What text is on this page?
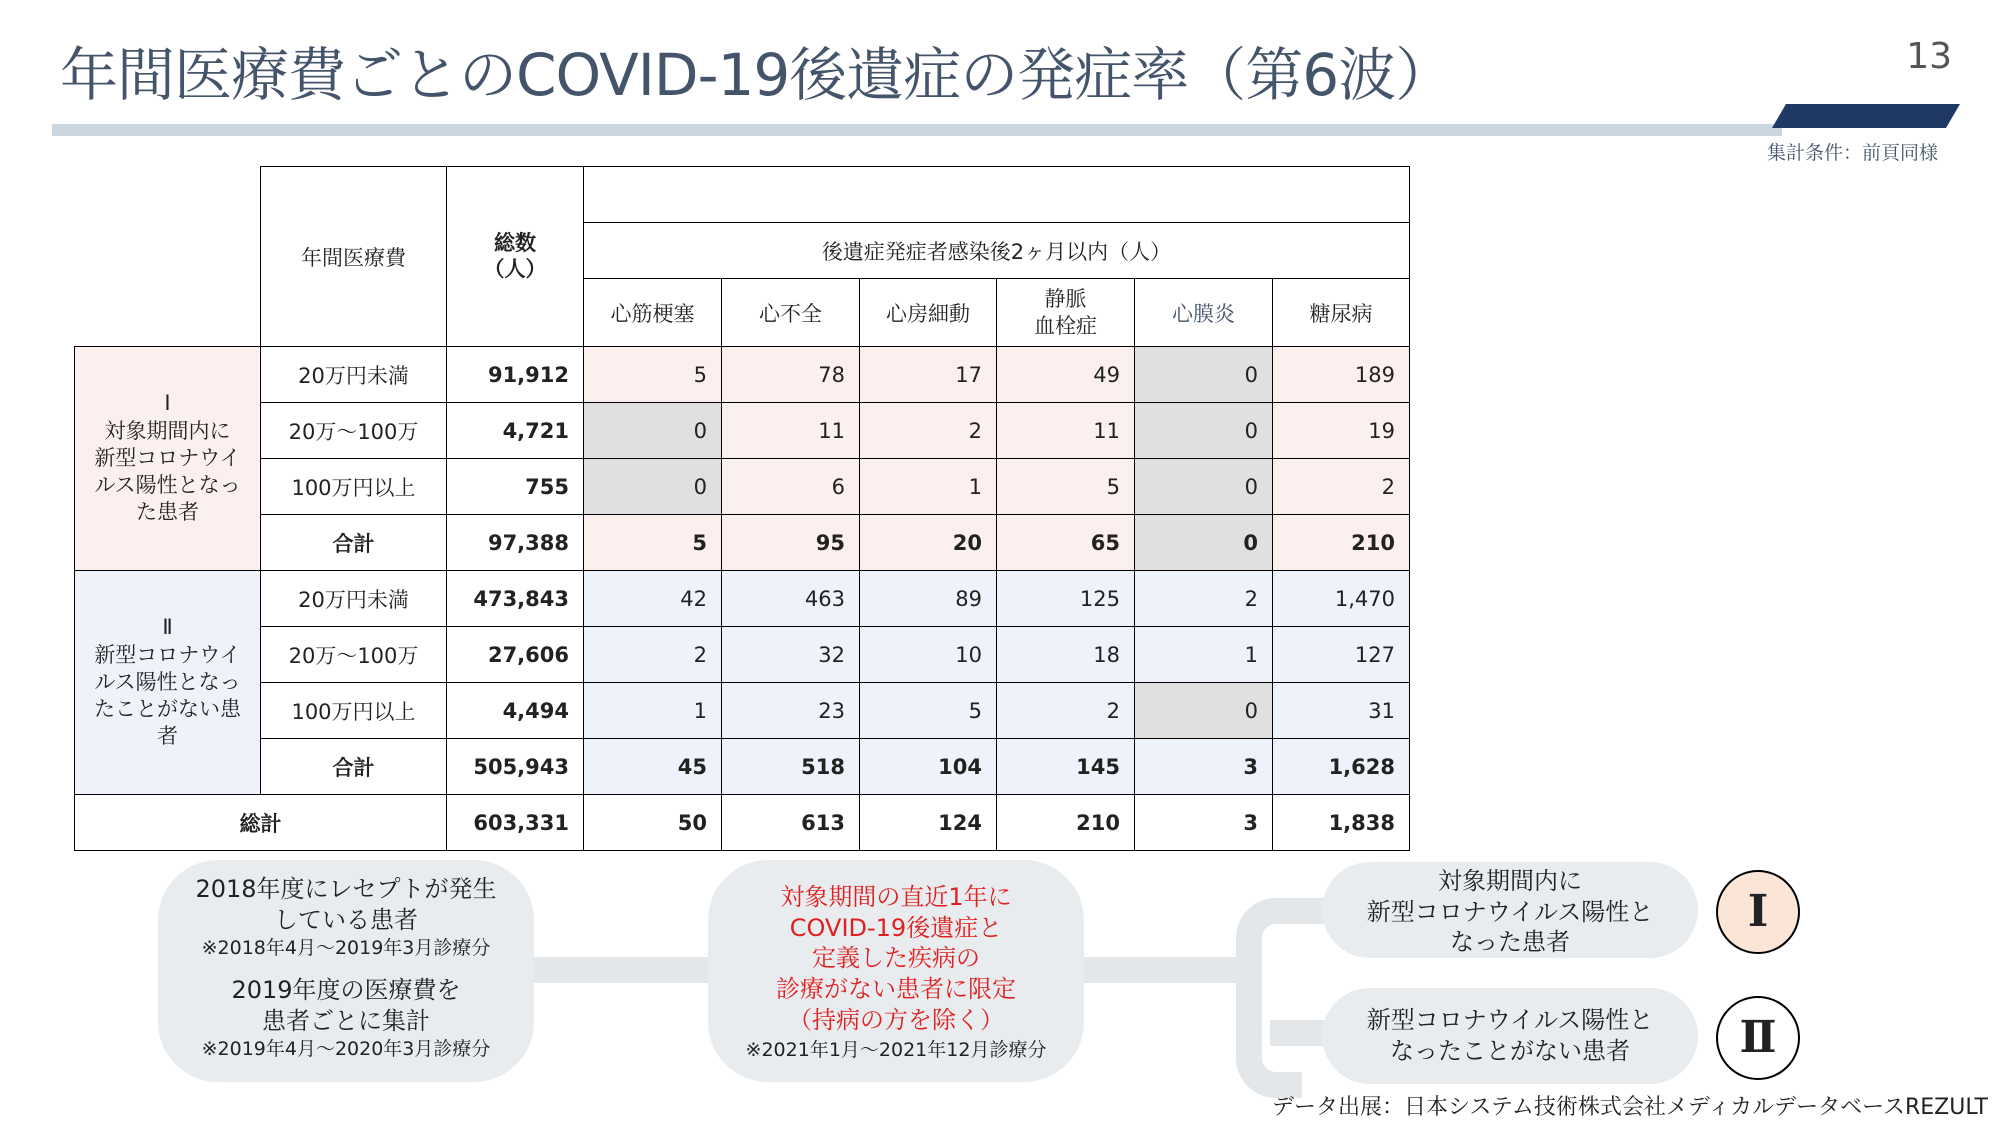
年間医療費ごとのCOVID-19後遺症の発症率（第6波）	13
集計条件：前頁同様
	年間医療費	総数
（人）						
			後遺症発症者感染後2ヶ月以内（人）					
			心筋梗塞	心不全	心房細動	静脈
血栓症	心膜炎	糖尿病
Ⅰ
対象期間内に
新型コロナウイルス陽性となった患者	20万円未満	91,912	5	78	17	49	0	189
	20万～100万	4,721	0	11	2	11	0	19
	100万円以上	755	0	6	1	5	0	2
	合計	97,388	5	95	20	65	0	210
Ⅱ
新型コロナウイルス陽性となったことがない患者	20万円未満	473,843	42	463	89	125	2	1,470
	20万～100万	27,606	2	32	10	18	1	127
	100万円以上	4,494	1	23	5	2	0	31
	合計	505,943	45	518	104	145	3	1,628
総計		603,331	50	613	124	210	3	1,838
2018年度にレセプトが発生
している患者
※2018年4月～2019年3月診療分
2019年度の医療費を
患者ごとに集計
※2019年4月～2020年3月診療分
対象期間の直近1年に
COVID-19後遺症と
定義した疾病の
診療がない患者に限定
（持病の方を除く）
※2021年1月～2021年12月診療分
対象期間内に
新型コロナウイルス陽性と
なった患者
新型コロナウイルス陽性と
なったことがない患者
Ⅰ
Ⅱ
データ出展：日本システム技術株式会社メディカルデータベースREZULT
